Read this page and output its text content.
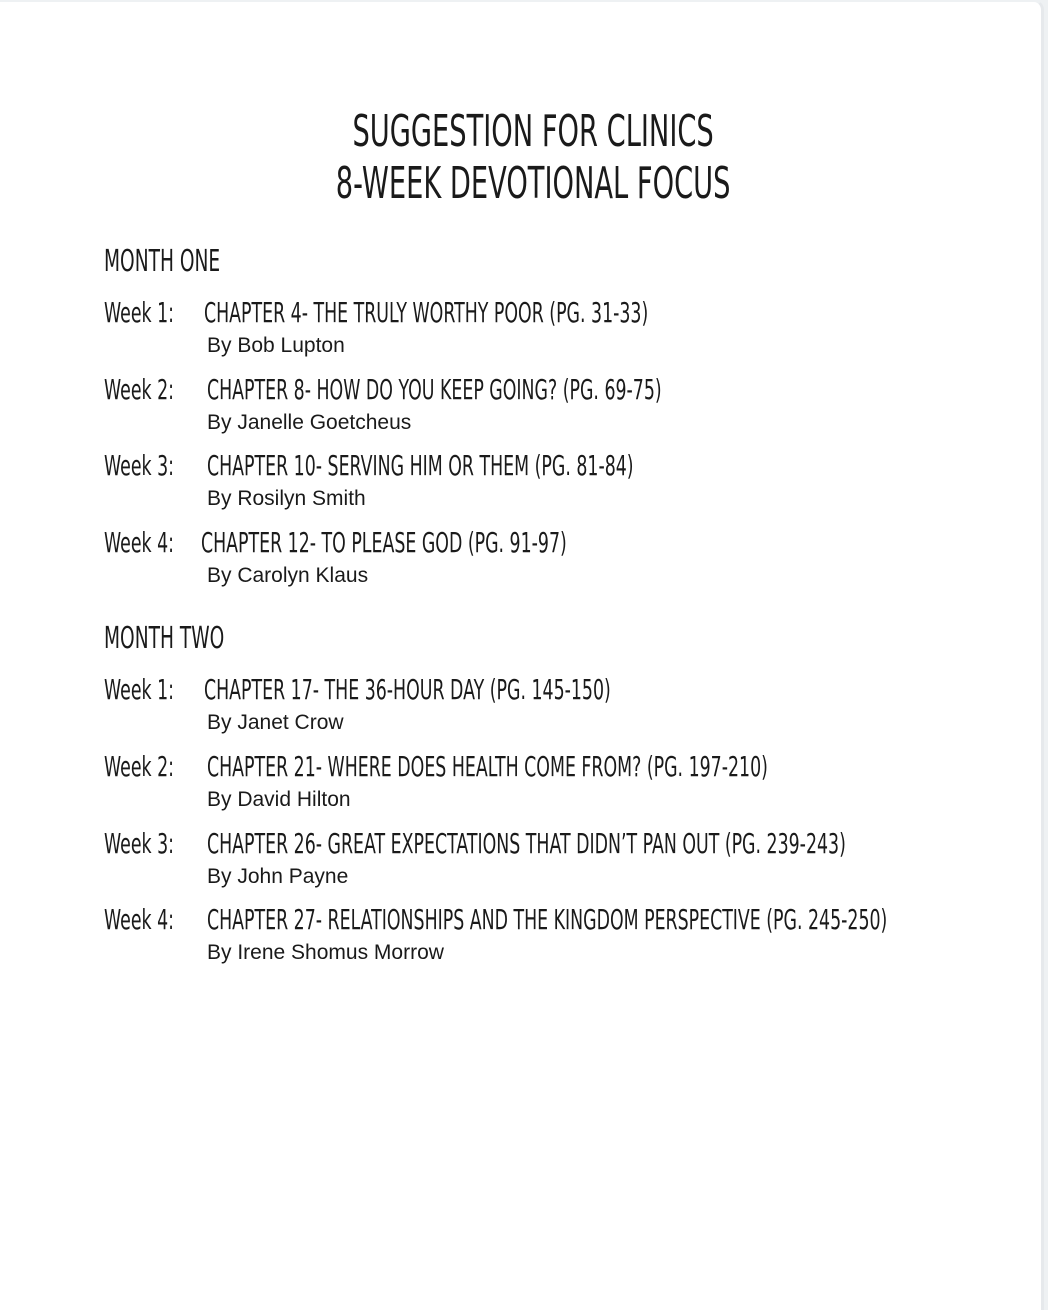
SUGGESTION FOR CLINICS
8-WEEK DEVOTIONAL FOCUS
MONTH ONE
Week 1: CHAPTER 4- THE TRULY WORTHY POOR (PG. 31-33)
By Bob Lupton
Week 2: CHAPTER 8- HOW DO YOU KEEP GOING? (PG. 69-75)
By Janelle Goetcheus
Week 3: CHAPTER 10- SERVING HIM OR THEM (PG. 81-84)
By Rosilyn Smith
Week 4: CHAPTER 12- TO PLEASE GOD (PG. 91-97)
By Carolyn Klaus
MONTH TWO
Week 1: CHAPTER 17- THE 36-HOUR DAY (PG. 145-150)
By Janet Crow
Week 2: CHAPTER 21- WHERE DOES HEALTH COME FROM? (PG. 197-210)
By David Hilton
Week 3: CHAPTER 26- GREAT EXPECTATIONS THAT DIDN’T PAN OUT (PG. 239-243)
By John Payne
Week 4: CHAPTER 27- RELATIONSHIPS AND THE KINGDOM PERSPECTIVE (PG. 245-250)
By Irene Shomus Morrow
